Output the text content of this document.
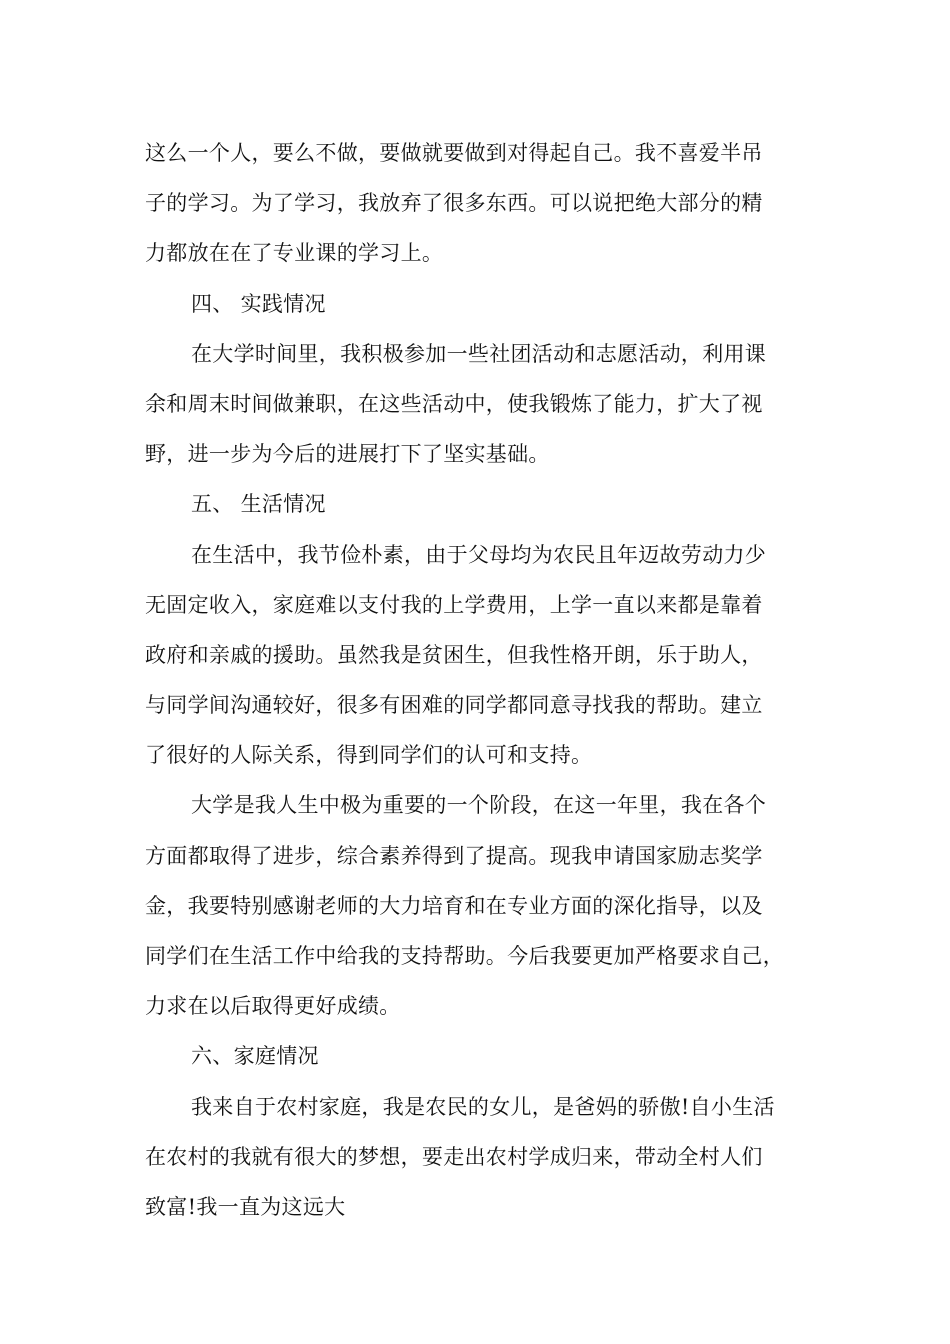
这么一个人，要么不做，要做就要做到对得起自己。我不喜爱半吊
子的学习。为了学习，我放弃了很多东西。可以说把绝大部分的精
力都放在在了专业课的学习上。
四、 实践情况
在大学时间里，我积极参加一些社团活动和志愿活动，利用课
余和周末时间做兼职，在这些活动中，使我锻炼了能力，扩大了视
野，进一步为今后的进展打下了坚实基础。
五、 生活情况
在生活中，我节俭朴素，由于父母均为农民且年迈故劳动力少
无固定收入，家庭难以支付我的上学费用，上学一直以来都是靠着
政府和亲戚的援助。虽然我是贫困生，但我性格开朗，乐于助人，
与同学间沟通较好，很多有困难的同学都同意寻找我的帮助。建立
了很好的人际关系，得到同学们的认可和支持。
大学是我人生中极为重要的一个阶段，在这一年里，我在各个
方面都取得了进步，综合素养得到了提高。现我申请国家励志奖学
金，我要特别感谢老师的大力培育和在专业方面的深化指导，以及
同学们在生活工作中给我的支持帮助。今后我要更加严格要求自己，
力求在以后取得更好成绩。
六、家庭情况
我来自于农村家庭，我是农民的女儿，是爸妈的骄傲!自小生活
在农村的我就有很大的梦想，要走出农村学成归来，带动全村人们
致富!我一直为这远大
